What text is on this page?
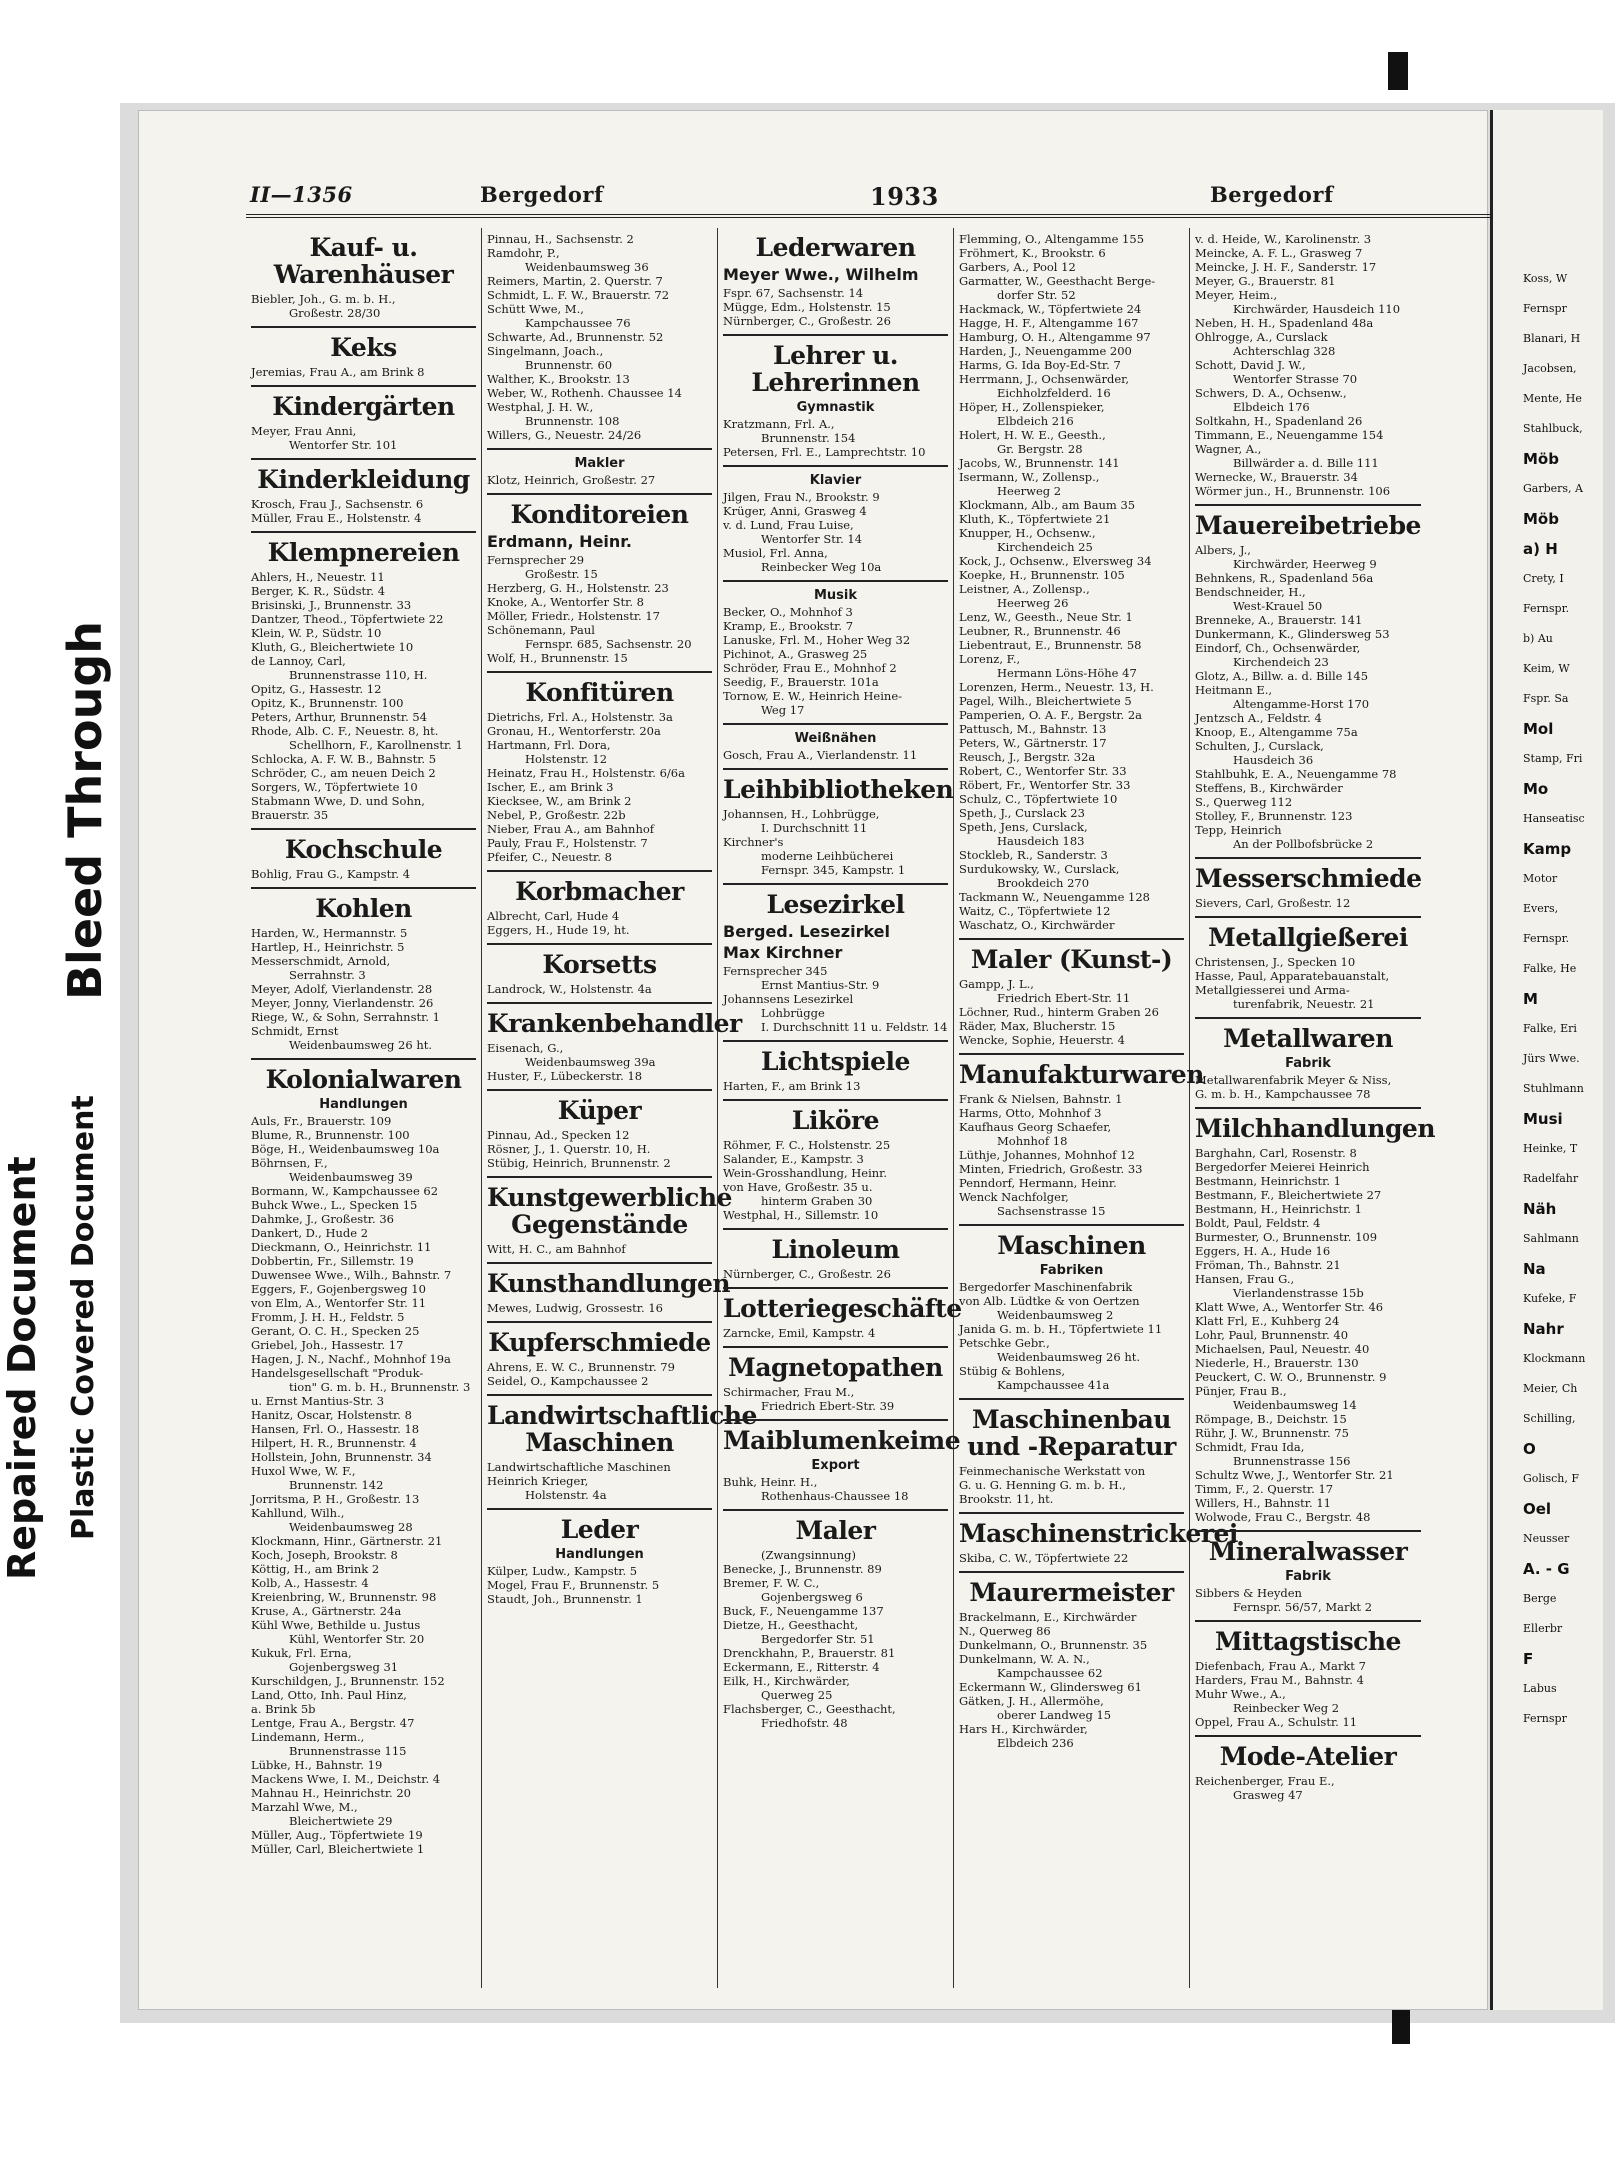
Repaired Document Plastic Covered Document
Bleed Through
II—1356	Bergedorf	1933	Bergedorf
Kauf- u. Warenhäuser
Biebler, Joh., G. m. b. H.,
Großestr. 28/30
Keks
Jeremias, Frau A., am Brink 8
Kindergärten
Meyer, Frau Anni,
Wentorfer Str. 101
Kinderkleidung
Krosch, Frau J., Sachsenstr. 6
Müller, Frau E., Holstenstr. 4
Klempnereien
Ahlers, H., Neuestr. 11
Berger, K. R., Südstr. 4
Brisinski, J., Brunnenstr. 33
Dantzer, Theod., Töpfertwiete 22
Klein, W. P., Südstr. 10
Kluth, G., Bleichertwiete 10
de Lannoy, Carl,
Brunnenstrasse 110, H.
Opitz, G., Hassestr. 12
Opitz, K., Brunnenstr. 100
Peters, Arthur, Brunnenstr. 54
Rhode, Alb. C. F., Neuestr. 8, ht.
Schellhorn, F., Karollnenstr. 1
Schlocka, A. F. W. B., Bahnstr. 5
Schröder, C., am neuen Deich 2
Sorgers, W., Töpfertwiete 10
Stabmann Wwe, D. und Sohn,
Brauerstr. 35
Kochschule
Bohlig, Frau G., Kampstr. 4
Kohlen
Harden, W., Hermannstr. 5
Hartlep, H., Heinrichstr. 5
Messerschmidt, Arnold,
Serrahnstr. 3
Meyer, Adolf, Vierlandenstr. 28
Meyer, Jonny, Vierlandenstr. 26
Riege, W., & Sohn, Serrahnstr. 1
Schmidt, Ernst
Weidenbaumsweg 26 ht.
Kolonialwaren
Handlungen
Auls, Fr., Brauerstr. 109
Blume, R., Brunnenstr. 100
Böge, H., Weidenbaumsweg 10a
Böhrnsen, F.,
Weidenbaumsweg 39
Bormann, W., Kampchaussee 62
Buhck Wwe., L., Specken 15
Dahmke, J., Großestr. 36
Dankert, D., Hude 2
Dieckmann, O., Heinrichstr. 11
Dobbertin, Fr., Sillemstr. 19
Duwensee Wwe., Wilh., Bahnstr. 7
Eggers, F., Gojenbergsweg 10
von Elm, A., Wentorfer Str. 11
Fromm, J. H. H., Feldstr. 5
Gerant, O. C. H., Specken 25
Griebel, Joh., Hassestr. 17
Hagen, J. N., Nachf., Mohnhof 19a
Handelsgesellschaft "Produk-
tion" G. m. b. H., Brunnenstr. 3
u. Ernst Mantius-Str. 3
Hanitz, Oscar, Holstenstr. 8
Hansen, Frl. O., Hassestr. 18
Hilpert, H. R., Brunnenstr. 4
Hollstein, John, Brunnenstr. 34
Huxol Wwe, W. F.,
Brunnenstr. 142
Jorritsma, P. H., Großestr. 13
Kahllund, Wilh.,
Weidenbaumsweg 28
Klockmann, Hinr., Gärtnerstr. 21
Koch, Joseph, Brookstr. 8
Köttig, H., am Brink 2
Kolb, A., Hassestr. 4
Kreienbring, W., Brunnenstr. 98
Kruse, A., Gärtnerstr. 24a
Kühl Wwe, Bethilde u. Justus
Kühl, Wentorfer Str. 20
Kukuk, Frl. Erna,
Gojenbergsweg 31
Kurschildgen, J., Brunnenstr. 152
Land, Otto, Inh. Paul Hinz,
a. Brink 5b
Lentge, Frau A., Bergstr. 47
Lindemann, Herm.,
Brunnenstrasse 115
Lübke, H., Bahnstr. 19
Mackens Wwe, I. M., Deichstr. 4
Mahnau H., Heinrichstr. 20
Marzahl Wwe, M.,
Bleichertwiete 29
Müller, Aug., Töpfertwiete 19
Müller, Carl, Bleichertwiete 1
Pinnau, H., Sachsenstr. 2
Ramdohr, P.,
Weidenbaumsweg 36
Reimers, Martin, 2. Querstr. 7
Schmidt, L. F. W., Brauerstr. 72
Schütt Wwe, M.,
Kampchaussee 76
Schwarte, Ad., Brunnenstr. 52
Singelmann, Joach.,
Brunnenstr. 60
Walther, K., Brookstr. 13
Weber, W., Rothenh. Chaussee 14
Westphal, J. H. W.,
Brunnenstr. 108
Willers, G., Neuestr. 24/26
Makler
Klotz, Heinrich, Großestr. 27
Konditoreien
Erdmann, Heinr.
Fernsprecher 29
Großestr. 15
Herzberg, G. H., Holstenstr. 23
Knoke, A., Wentorfer Str. 8
Möller, Friedr., Holstenstr. 17
Schönemann, Paul
Fernspr. 685, Sachsenstr. 20
Wolf, H., Brunnenstr. 15
Konfitüren
Dietrichs, Frl. A., Holstenstr. 3a
Gronau, H., Wentorferstr. 20a
Hartmann, Frl. Dora,
Holstenstr. 12
Heinatz, Frau H., Holstenstr. 6/6a
Ischer, E., am Brink 3
Kiecksee, W., am Brink 2
Nebel, P., Großestr. 22b
Nieber, Frau A., am Bahnhof
Pauly, Frau F., Holstenstr. 7
Pfeifer, C., Neuestr. 8
Korbmacher
Albrecht, Carl, Hude 4
Eggers, H., Hude 19, ht.
Korsetts
Landrock, W., Holstenstr. 4a
Krankenbehandler
Eisenach, G.,
Weidenbaumsweg 39a
Huster, F., Lübeckerstr. 18
Küper
Pinnau, Ad., Specken 12
Rösner, J., 1. Querstr. 10, H.
Stübig, Heinrich, Brunnenstr. 2
Kunstgewerbliche Gegenstände
Witt, H. C., am Bahnhof
Kunsthandlungen
Mewes, Ludwig, Grossestr. 16
Kupferschmiede
Ahrens, E. W. C., Brunnenstr. 79
Seidel, O., Kampchaussee 2
Landwirtschaftliche Maschinen
Landwirtschaftliche Maschinen
Heinrich Krieger,
Holstenstr. 4a
Leder
Handlungen
Külper, Ludw., Kampstr. 5
Mogel, Frau F., Brunnenstr. 5
Staudt, Joh., Brunnenstr. 1
Lederwaren
Meyer Wwe., Wilhelm
Fspr. 67, Sachsenstr. 14
Mügge, Edm., Holstenstr. 15
Nürnberger, C., Großestr. 26
Lehrer u. Lehrerinnen
Gymnastik
Kratzmann, Frl. A.,
Brunnenstr. 154
Petersen, Frl. E., Lamprechtstr. 10
Klavier
Jilgen, Frau N., Brookstr. 9
Krüger, Anni, Grasweg 4
v. d. Lund, Frau Luise,
Wentorfer Str. 14
Musiol, Frl. Anna,
Reinbecker Weg 10a
Musik
Becker, O., Mohnhof 3
Kramp, E., Brookstr. 7
Lanuske, Frl. M., Hoher Weg 32
Pichinot, A., Grasweg 25
Schröder, Frau E., Mohnhof 2
Seedig, F., Brauerstr. 101a
Tornow, E. W., Heinrich Heine-
Weg 17
Weißnähen
Gosch, Frau A., Vierlandenstr. 11
Leihbibliotheken
Johannsen, H., Lohbrügge,
I. Durchschnitt 11
Kirchner's
moderne Leihbücherei
Fernspr. 345, Kampstr. 1
Lesezirkel
Berged. Lesezirkel
Max Kirchner
Fernsprecher 345
Ernst Mantius-Str. 9
Johannsens Lesezirkel
Lohbrügge
I. Durchschnitt 11 u. Feldstr. 14
Lichtspiele
Harten, F., am Brink 13
Liköre
Röhmer, F. C., Holstenstr. 25
Salander, E., Kampstr. 3
Wein-Grosshandlung, Heinr.
von Have, Großestr. 35 u.
hinterm Graben 30
Westphal, H., Sillemstr. 10
Linoleum
Nürnberger, C., Großestr. 26
Lotteriegeschäfte
Zarncke, Emil, Kampstr. 4
Magnetopathen
Schirmacher, Frau M.,
Friedrich Ebert-Str. 39
Maiblumenkeime
Export
Buhk, Heinr. H.,
Rothenhaus-Chaussee 18
Maler
(Zwangsinnung)
Benecke, J., Brunnenstr. 89
Bremer, F. W. C.,
Gojenbergsweg 6
Buck, F., Neuengamme 137
Dietze, H., Geesthacht,
Bergedorfer Str. 51
Drenckhahn, P., Brauerstr. 81
Eckermann, E., Ritterstr. 4
Eilk, H., Kirchwärder,
Querweg 25
Flachsberger, C., Geesthacht,
Friedhofstr. 48
Flemming, O., Altengamme 155
Fröhmert, K., Brookstr. 6
Garbers, A., Pool 12
Garmatter, W., Geesthacht Berge-
dorfer Str. 52
Hackmack, W., Töpfertwiete 24
Hagge, H. F., Altengamme 167
Hamburg, O. H., Altengamme 97
Harden, J., Neuengamme 200
Harms, G. Ida Boy-Ed-Str. 7
Herrmann, J., Ochsenwärder,
Eichholzfelderd. 16
Höper, H., Zollenspieker,
Elbdeich 216
Holert, H. W. E., Geesth.,
Gr. Bergstr. 28
Jacobs, W., Brunnenstr. 141
Isermann, W., Zollensp.,
Heerweg 2
Klockmann, Alb., am Baum 35
Kluth, K., Töpfertwiete 21
Knupper, H., Ochsenw.,
Kirchendeich 25
Kock, J., Ochsenw., Elversweg 34
Koepke, H., Brunnenstr. 105
Leistner, A., Zollensp.,
Heerweg 26
Lenz, W., Geesth., Neue Str. 1
Leubner, R., Brunnenstr. 46
Liebentraut, E., Brunnenstr. 58
Lorenz, F.,
Hermann Löns-Höhe 47
Lorenzen, Herm., Neuestr. 13, H.
Pagel, Wilh., Bleichertwiete 5
Pamperien, O. A. F., Bergstr. 2a
Pattusch, M., Bahnstr. 13
Peters, W., Gärtnerstr. 17
Reusch, J., Bergstr. 32a
Robert, C., Wentorfer Str. 33
Röbert, Fr., Wentorfer Str. 33
Schulz, C., Töpfertwiete 10
Speth, J., Curslack 23
Speth, Jens, Curslack,
Hausdeich 183
Stockleb, R., Sanderstr. 3
Surdukowsky, W., Curslack,
Brookdeich 270
Tackmann W., Neuengamme 128
Waitz, C., Töpfertwiete 12
Waschatz, O., Kirchwärder
Maler (Kunst-)
Gampp, J. L.,
Friedrich Ebert-Str. 11
Löchner, Rud., hinterm Graben 26
Räder, Max, Blucherstr. 15
Wencke, Sophie, Heuerstr. 4
Manufakturwaren
Frank & Nielsen, Bahnstr. 1
Harms, Otto, Mohnhof 3
Kaufhaus Georg Schaefer,
Mohnhof 18
Lüthje, Johannes, Mohnhof 12
Minten, Friedrich, Großestr. 33
Penndorf, Hermann, Heinr.
Wenck Nachfolger,
Sachsenstrasse 15
Maschinen
Fabriken
Bergedorfer Maschinenfabrik
von Alb. Lüdtke & von Oertzen
Weidenbaumsweg 2
Janida G. m. b. H., Töpfertwiete 11
Petschke Gebr.,
Weidenbaumsweg 26 ht.
Stübig & Bohlens,
Kampchaussee 41a
Maschinenbau und -Reparatur
Feinmechanische Werkstatt von
G. u. G. Henning G. m. b. H.,
Brookstr. 11, ht.
Maschinenstrickerei
Skiba, C. W., Töpfertwiete 22
Maurermeister
Brackelmann, E., Kirchwärder
N., Querweg 86
Dunkelmann, O., Brunnenstr. 35
Dunkelmann, W. A. N.,
Kampchaussee 62
Eckermann W., Glindersweg 61
Gätken, J. H., Allermöhe,
oberer Landweg 15
Hars H., Kirchwärder,
Elbdeich 236
v. d. Heide, W., Karolinenstr. 3
Meincke, A. F. L., Grasweg 7
Meincke, J. H. F., Sanderstr. 17
Meyer, G., Brauerstr. 81
Meyer, Heim.,
Kirchwärder, Hausdeich 110
Neben, H. H., Spadenland 48a
Ohlrogge, A., Curslack
Achterschlag 328
Schott, David J. W.,
Wentorfer Strasse 70
Schwers, D. A., Ochsenw.,
Elbdeich 176
Soltkahn, H., Spadenland 26
Timmann, E., Neuengamme 154
Wagner, A.,
Billwärder a. d. Bille 111
Wernecke, W., Brauerstr. 34
Wörmer jun., H., Brunnenstr. 106
Mauereibetriebe
Albers, J.,
Kirchwärder, Heerweg 9
Behnkens, R., Spadenland 56a
Bendschneider, H.,
West-Krauel 50
Brenneke, A., Brauerstr. 141
Dunkermann, K., Glindersweg 53
Eindorf, Ch., Ochsenwärder,
Kirchendeich 23
Glotz, A., Billw. a. d. Bille 145
Heitmann E.,
Altengamme-Horst 170
Jentzsch A., Feldstr. 4
Knoop, E., Altengamme 75a
Schulten, J., Curslack,
Hausdeich 36
Stahlbuhk, E. A., Neuengamme 78
Steffens, B., Kirchwärder
S., Querweg 112
Stolley, F., Brunnenstr. 123
Tepp, Heinrich
An der Pollbofsbrücke 2
Messerschmiede
Sievers, Carl, Großestr. 12
Metallgießerei
Christensen, J., Specken 10
Hasse, Paul, Apparatebauanstalt,
Metallgiesserei und Arma-
turenfabrik, Neuestr. 21
Metallwaren
Fabrik
Metallwarenfabrik Meyer & Niss,
G. m. b. H., Kampchaussee 78
Milchhandlungen
Barghahn, Carl, Rosenstr. 8
Bergedorfer Meierei Heinrich
Bestmann, Heinrichstr. 1
Bestmann, F., Bleichertwiete 27
Bestmann, H., Heinrichstr. 1
Boldt, Paul, Feldstr. 4
Burmester, O., Brunnenstr. 109
Eggers, H. A., Hude 16
Fröman, Th., Bahnstr. 21
Hansen, Frau G.,
Vierlandenstrasse 15b
Klatt Wwe, A., Wentorfer Str. 46
Klatt Frl, E., Kuhberg 24
Lohr, Paul, Brunnenstr. 40
Michaelsen, Paul, Neuestr. 40
Niederle, H., Brauerstr. 130
Peuckert, C. W. O., Brunnenstr. 9
Pünjer, Frau B.,
Weidenbaumsweg 14
Römpage, B., Deichstr. 15
Rühr, J. W., Brunnenstr. 75
Schmidt, Frau Ida,
Brunnenstrasse 156
Schultz Wwe, J., Wentorfer Str. 21
Timm, F., 2. Querstr. 17
Willers, H., Bahnstr. 11
Wolwode, Frau C., Bergstr. 48
Mineralwasser
Fabrik
Sibbers & Heyden
Fernspr. 56/57, Markt 2
Mittagstische
Diefenbach, Frau A., Markt 7
Harders, Frau M., Bahnstr. 4
Muhr Wwe., A.,
Reinbecker Weg 2
Oppel, Frau A., Schulstr. 11
Mode-Atelier
Reichenberger, Frau E.,
Grasweg 47
Koss, W
Fernspr
Blanari, H
Jacobsen,
Mente, He
Stahlbuck,
Möb
Garbers, A
Möb
a) H
Crety, I
Fernspr.
b) Au
Keim, W
Fspr. Sa
Mol
Stamp, Fri
Mo
Hanseatisc
Kamp
Motor
Evers,
Fernspr.
Falke, He
M
Falke, Eri
Jürs Wwe.
Stuhlmann
Musi
Heinke, T
Radelfahr
Näh
Sahlmann
Na
Kufeke, F
Nahr
Klockmann
Meier, Ch
Schilling,
O
Golisch, F
Oel
Neusser
A. - G
Berge
Ellerbr
F
Labus
Fernspr
